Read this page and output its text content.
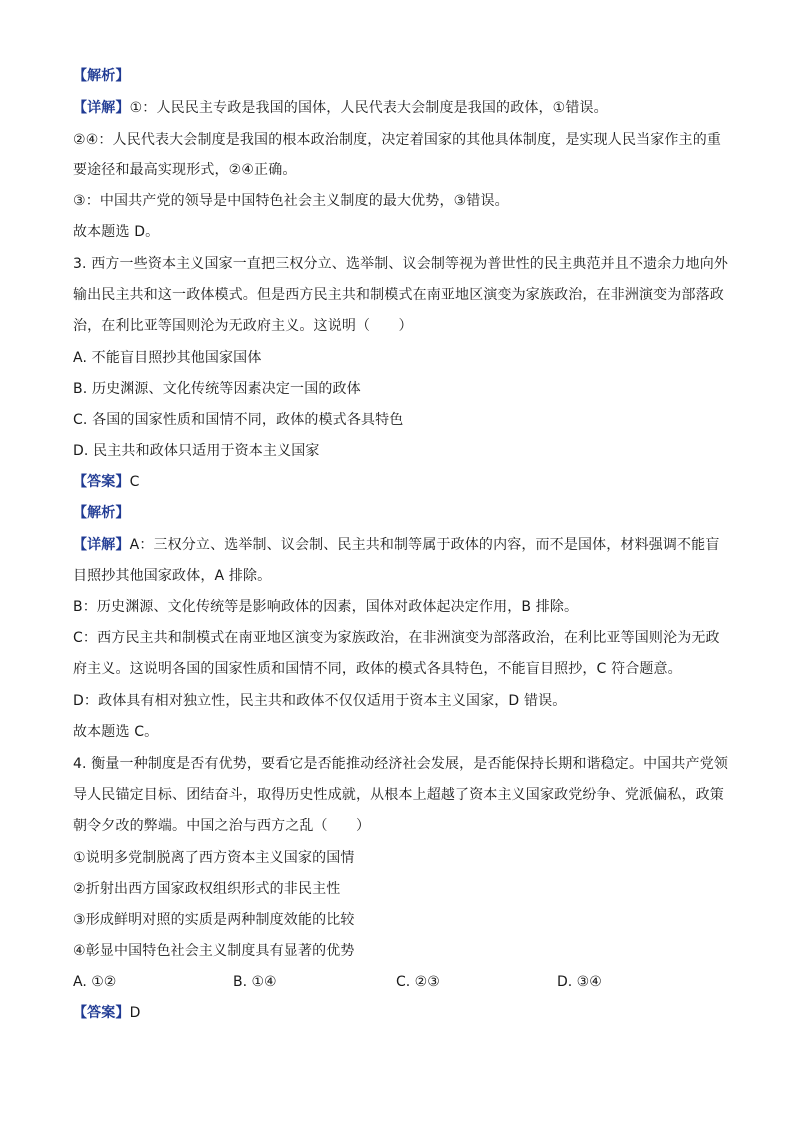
【解析】
【详解】①：人民民主专政是我国的国体，人民代表大会制度是我国的政体，①错误。
②④：人民代表大会制度是我国的根本政治制度，决定着国家的其他具体制度，是实现人民当家作主的重
要途径和最高实现形式，②④正确。
③：中国共产党的领导是中国特色社会主义制度的最大优势，③错误。
故本题选 D。
3. 西方一些资本主义国家一直把三权分立、选举制、议会制等视为普世性的民主典范并且不遗余力地向外
输出民主共和这一政体模式。但是西方民主共和制模式在南亚地区演变为家族政治，在非洲演变为部落政
治，在利比亚等国则沦为无政府主义。这说明（　　）
A. 不能盲目照抄其他国家国体
B. 历史渊源、文化传统等因素决定一国的政体
C. 各国的国家性质和国情不同，政体的模式各具特色
D. 民主共和政体只适用于资本主义国家
【答案】C
【解析】
【详解】A：三权分立、选举制、议会制、民主共和制等属于政体的内容，而不是国体，材料强调不能盲
目照抄其他国家政体，A 排除。
B：历史渊源、文化传统等是影响政体的因素，国体对政体起决定作用，B 排除。
C：西方民主共和制模式在南亚地区演变为家族政治，在非洲演变为部落政治，在利比亚等国则沦为无政
府主义。这说明各国的国家性质和国情不同，政体的模式各具特色，不能盲目照抄，C 符合题意。
D：政体具有相对独立性，民主共和政体不仅仅适用于资本主义国家，D 错误。
故本题选 C。
4. 衡量一种制度是否有优势，要看它是否能推动经济社会发展，是否能保持长期和谐稳定。中国共产党领
导人民锚定目标、团结奋斗，取得历史性成就，从根本上超越了资本主义国家政党纷争、党派偏私，政策
朝令夕改的弊端。中国之治与西方之乱（　　）
①说明多党制脱离了西方资本主义国家的国情
②折射出西方国家政权组织形式的非民主性
③形成鲜明对照的实质是两种制度效能的比较
④彰显中国特色社会主义制度具有显著的优势
A. ①②	B. ①④	C. ②③	D. ③④
【答案】D
